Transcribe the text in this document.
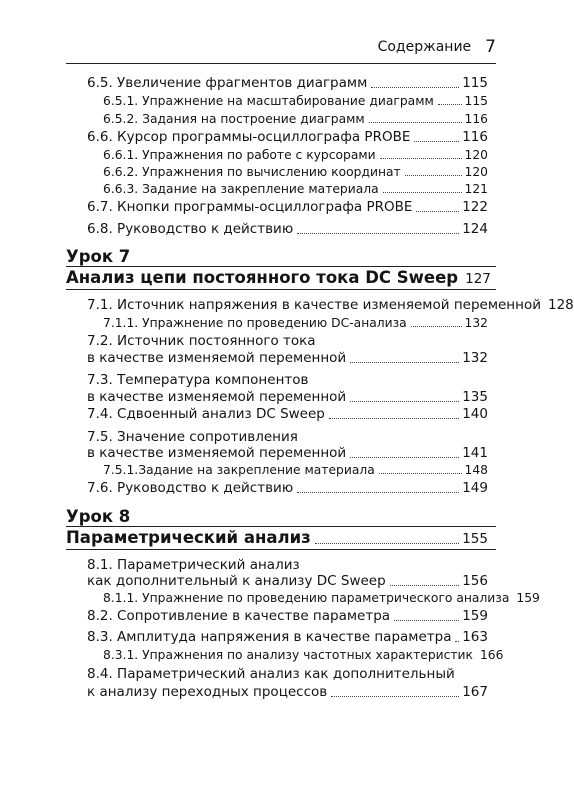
Содержание 7
6.5. Увеличение фрагментов диаграмм	115
6.5.1. Упражнение на масштабирование диаграмм	115
6.5.2. Задания на построение диаграмм	116
6.6. Курсор программы-осциллографа PROBE	116
6.6.1. Упражнения по работе с курсорами	120
6.6.2. Упражнения по вычислению координат	120
6.6.3. Задание на закрепление материала	121
6.7. Кнопки программы-осциллографа PROBE	122
6.8. Руководство к действию	124
Урок 7
Анализ цепи постоянного тока DC Sweep 127
7.1. Источник напряжения в качестве изменяемой переменной 128
7.1.1. Упражнение по проведению DC-анализа	132
7.2. Источник постоянного тока
в качестве изменяемой переменной	132
7.3. Температура компонентов
в качестве изменяемой переменной	135
7.4. Сдвоенный анализ DC Sweep	140
7.5. Значение сопротивления
в качестве изменяемой переменной	141
7.5.1.Задание на закрепление материала	148
7.6. Руководство к действию	149
Урок 8
Параметрический анализ	155
8.1. Параметрический анализ
как дополнительный к анализу DC Sweep	156
8.1.1. Упражнение по проведению параметрического анализа 159
8.2. Сопротивление в качестве параметра	159
8.3. Амплитуда напряжения в качестве параметра 163
8.3.1. Упражнения по анализу частотных характеристик 166
8.4. Параметрический анализ как дополнительный
к анализу переходных процессов	167
